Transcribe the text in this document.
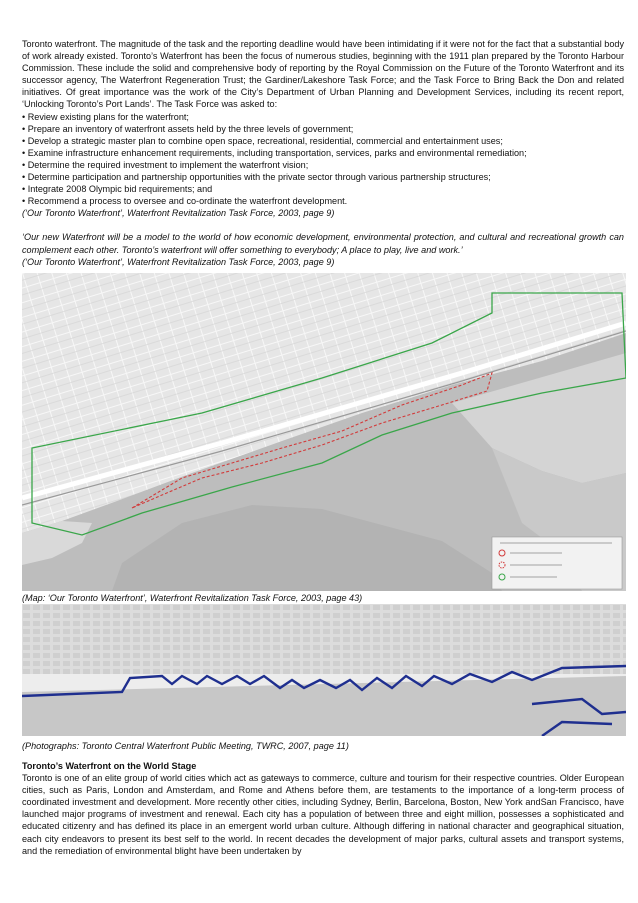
Toronto waterfront. The magnitude of the task and the reporting deadline would have been intimidating if it were not for the fact that a substantial body of work already existed. Toronto’s Waterfront has been the focus of numerous studies, beginning with the 1911 plan prepared by the Toronto Harbour Commission. These include the solid and comprehensive body of reporting by the Royal Commission on the Future of the Toronto Waterfront and its successor agency, The Waterfront Regeneration Trust; the Gardiner/Lakeshore Task Force; and the Task Force to Bring Back the Don and related initiatives. Of great importance was the work of the City’s Department of Urban Planning and Development Services, including its recent report, ‘Unlocking Toronto’s Port Lands’. The Task Force was asked to:

• Review existing plans for the waterfront;
• Prepare an inventory of waterfront assets held by the three levels of government;
• Develop a strategic master plan to combine open space, recreational, residential, commercial and entertainment uses;
• Examine infrastructure enhancement requirements, including transportation, services, parks and environmental remediation;
• Determine the required investment to implement the waterfront vision;
• Determine participation and partnership opportunities with the private sector through various partnership structures;
• Integrate 2008 Olympic bid requirements; and
• Recommend a process to oversee and co-ordinate the waterfront development.
(‘Our Toronto Waterfront’, Waterfront Revitalization Task Force, 2003, page 9)
‘Our new Waterfront will be a model to the world of how economic development, environmental protection, and cultural and recreational growth can complement each other. Toronto’s waterfront will offer something to everybody; A place to play, live and work.’
(‘Our Toronto Waterfront’, Waterfront Revitalization Task Force, 2003, page 9)
(Map: ‘Our Toronto Waterfront’, Waterfront Revitalization Task Force, 2003, page 43)
(Photographs: Toronto Central Waterfront Public Meeting, TWRC, 2007, page 11)
Toronto’s Waterfront on the World Stage

Toronto is one of an elite group of world cities which act as gateways to commerce, culture and tourism for their respective countries. Older European cities, such as Paris, London and Amsterdam, and Rome and Athens before them, are testaments to the importance of a long-term process of coordinated investment and development. More recently other cities, including Sydney, Berlin, Barcelona, Boston, New York andSan Francisco, have launched major programs of investment and renewal. Each city has a population of between three and eight million, possesses a sophisticated and educated citizenry and has defined its place in an emergent world urban culture. Although differing in national character and geographical situation, each city endeavors to present its best self to the world. In recent decades the development of major parks, cultural assets and transport systems, and the remediation of environmental blight have been undertaken by
